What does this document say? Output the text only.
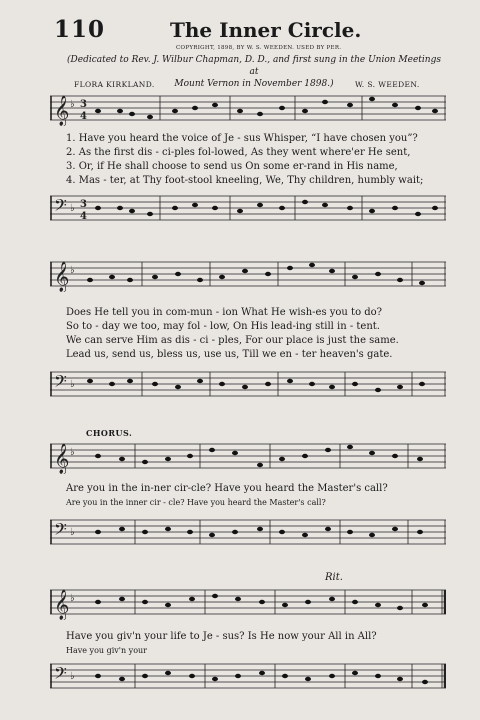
110	The Inner Circle.
COPYRIGHT, 1898, BY W. S. WEEDEN. USED BY PER.
(Dedicated to Rev. J. Wilbur Chapman, D. D., and first sung in the Union Meetings at
Mount Vernon in November 1898.)
FLORA KIRKLAND.	W. S. WEEDEN.
𝄞 ♭ 3
4
1. Have you heard the voice of Je - sus Whisper, “I have chosen you”?
2. As the first dis - ci-ples fol-lowed, As they went where'er He sent,
3. Or, if He shall choose to send us On some er-rand in His name,
4. Mas - ter, at Thy foot-stool kneeling, We, Thy children, humbly wait;
𝄢 ♭ 3
4
𝄞 ♭
Does He tell you in com-mun - ion What He wish-es you to do?
So to - day we too, may fol - low, On His lead-ing still in - tent.
We can serve Him as dis - ci - ples, For our place is just the same.
Lead us, send us, bless us, use us, Till we en - ter heaven's gate.
𝄢 ♭
CHORUS.
𝄞 ♭
Are you in the in-ner cir-cle? Have you heard the Master's call?
Are you in the inner cir - cle? Have you heard the Master's call?
𝄢 ♭
Rit.
𝄞 ♭
Have you giv'n your life to Je - sus? Is He now your All in All?
Have you giv'n your
𝄢 ♭
